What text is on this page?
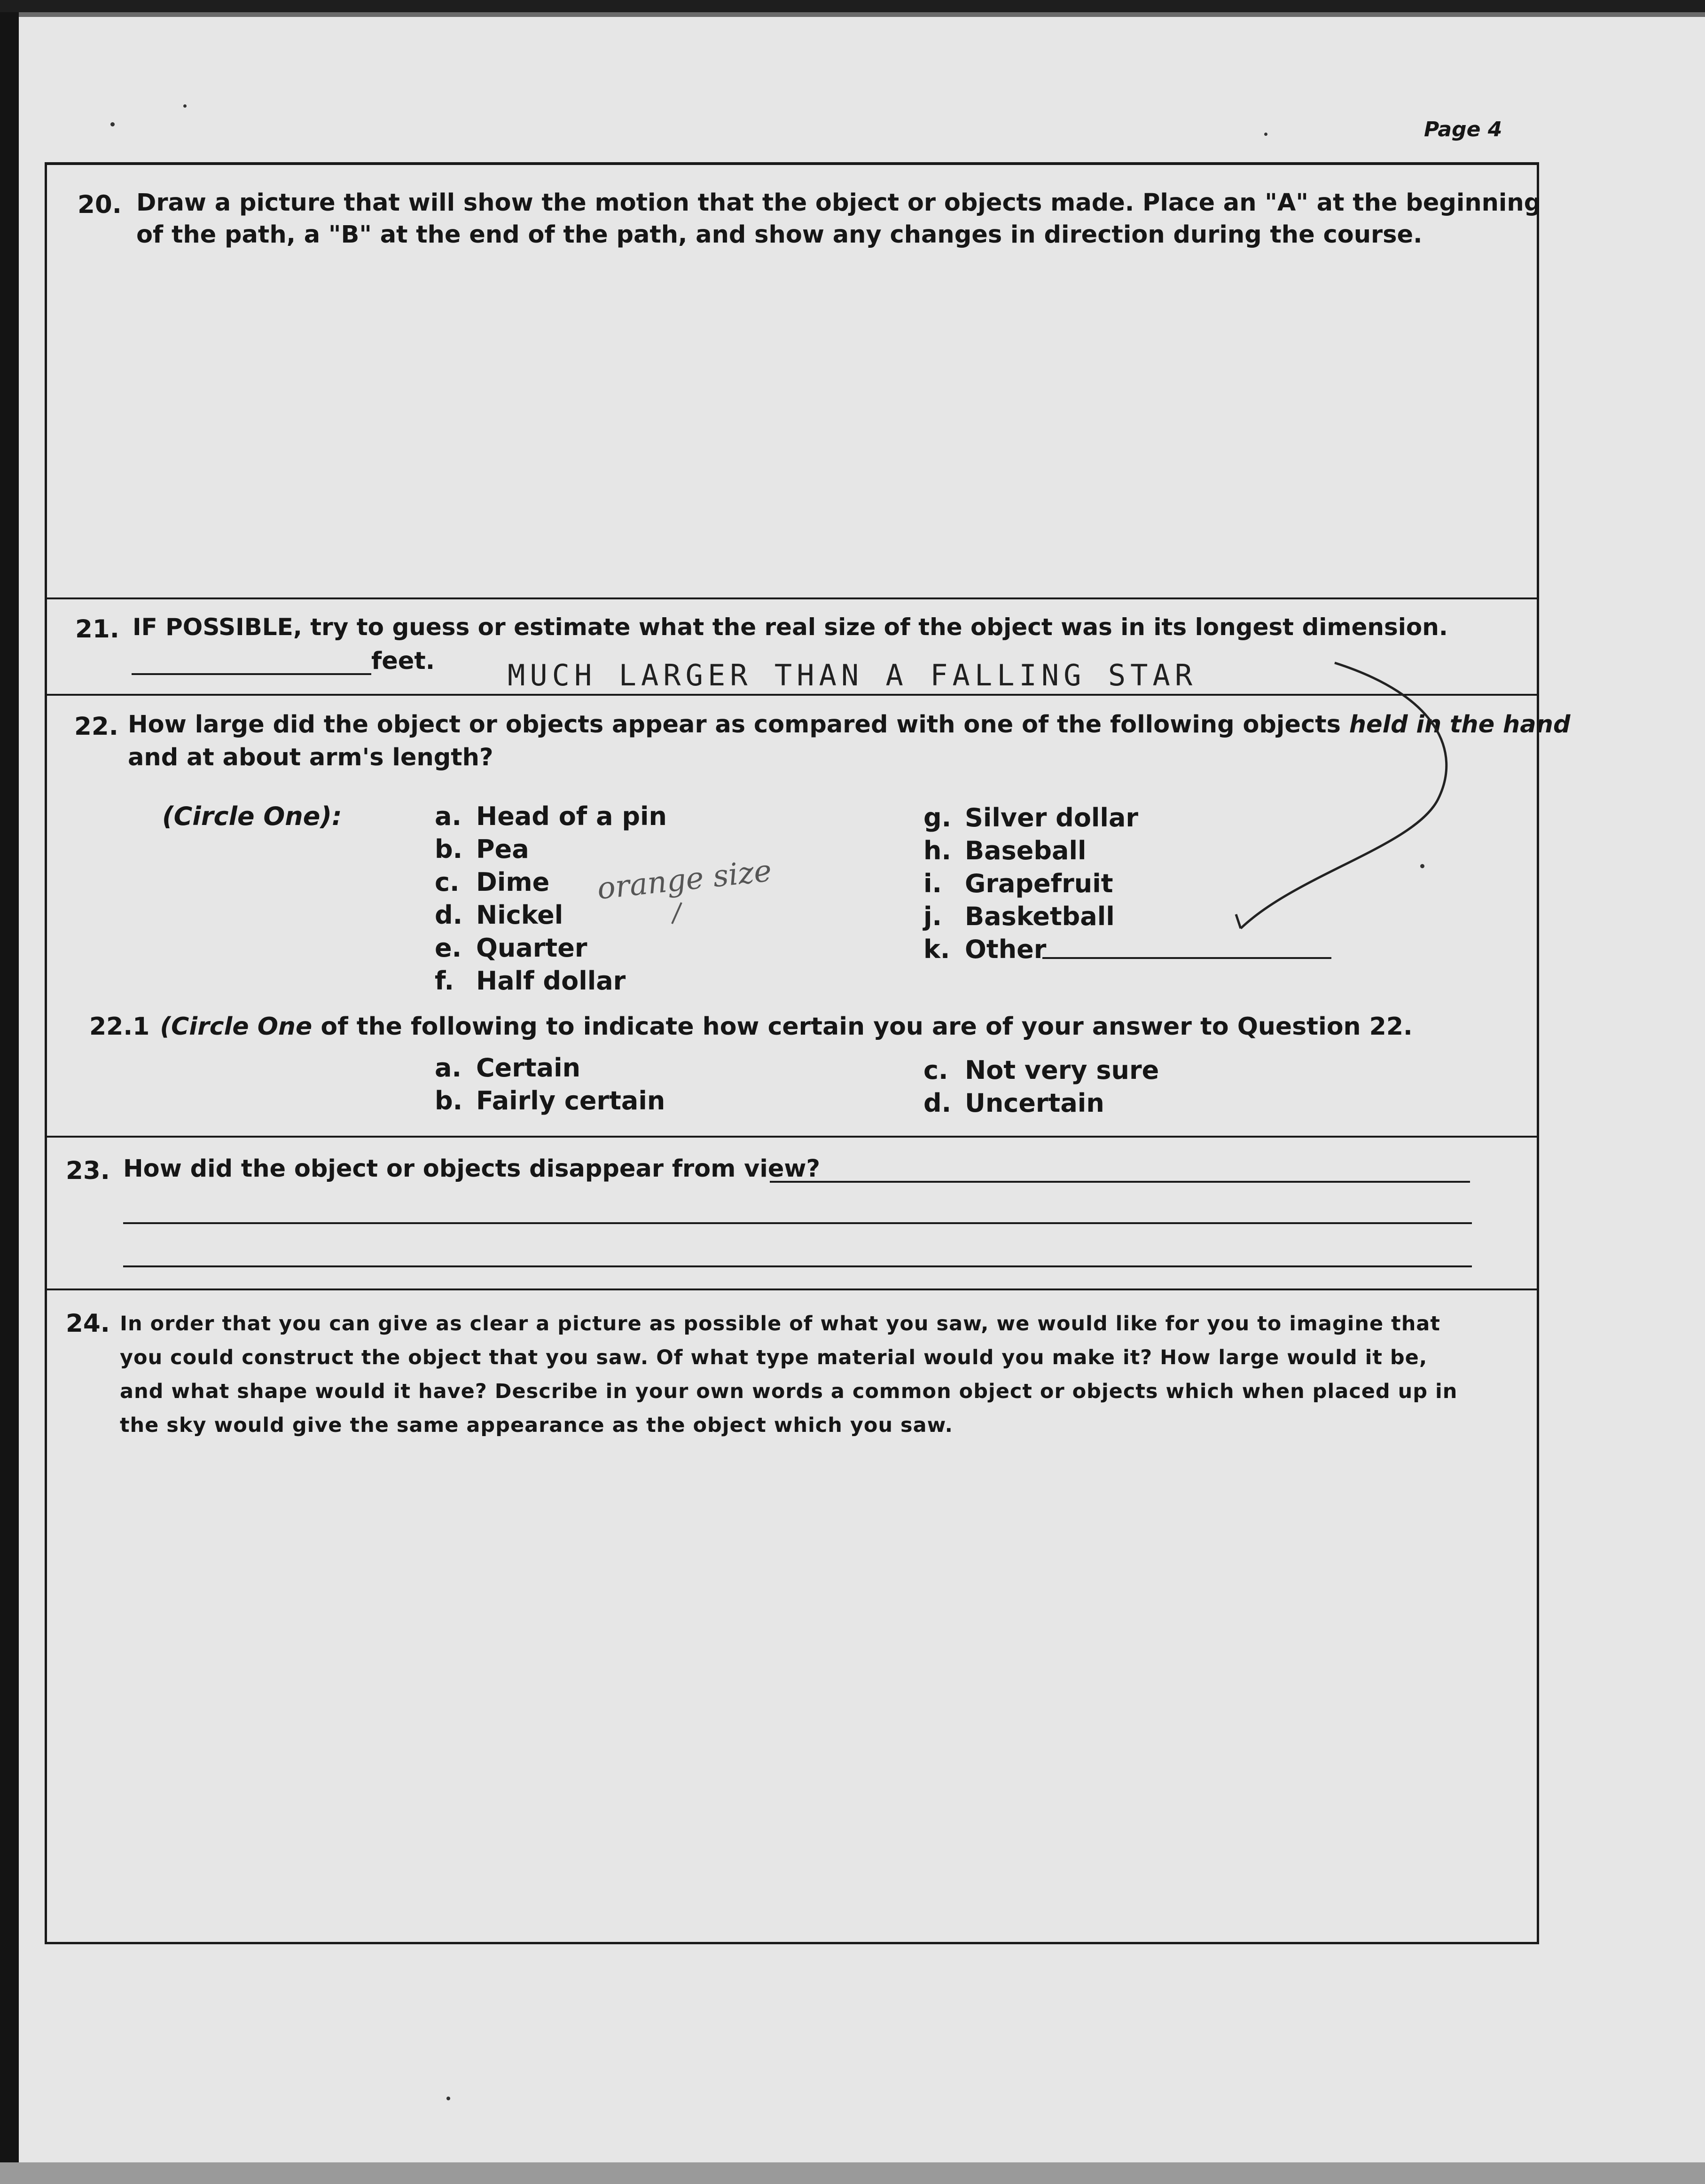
Page 4
20. Draw a picture that will show the motion that the object or objects made. Place an "A" at the beginning
of the path, a "B" at the end of the path, and show any changes in direction during the course.
21. IF POSSIBLE, try to guess or estimate what the real size of the object was in its longest dimension.
feet. MUCH LARGER THAN A FALLING STAR
22. How large did the object or objects appear as compared with one of the following objects held in the hand
and at about arm's length?
(Circle One):	a. Head of a pin
b. Pea
c. Dime
d. Nickel
e. Quarter
f. Half dollar
g. Silver dollar
h. Baseball
i. Grapefruit
j. Basketball
k. Other
orange size
22.1 (Circle One of the following to indicate how certain you are of your answer to Question 22.
a. Certain
b. Fairly certain
c. Not very sure
d. Uncertain
23. How did the object or objects disappear from view?
24. In order that you can give as clear a picture as possible of what you saw, we would like for you to imagine that you could construct the object that you saw. Of what type material would you make it? How large would it be, and what shape would it have? Describe in your own words a common object or objects which when placed up in the sky would give the same appearance as the object which you saw.
